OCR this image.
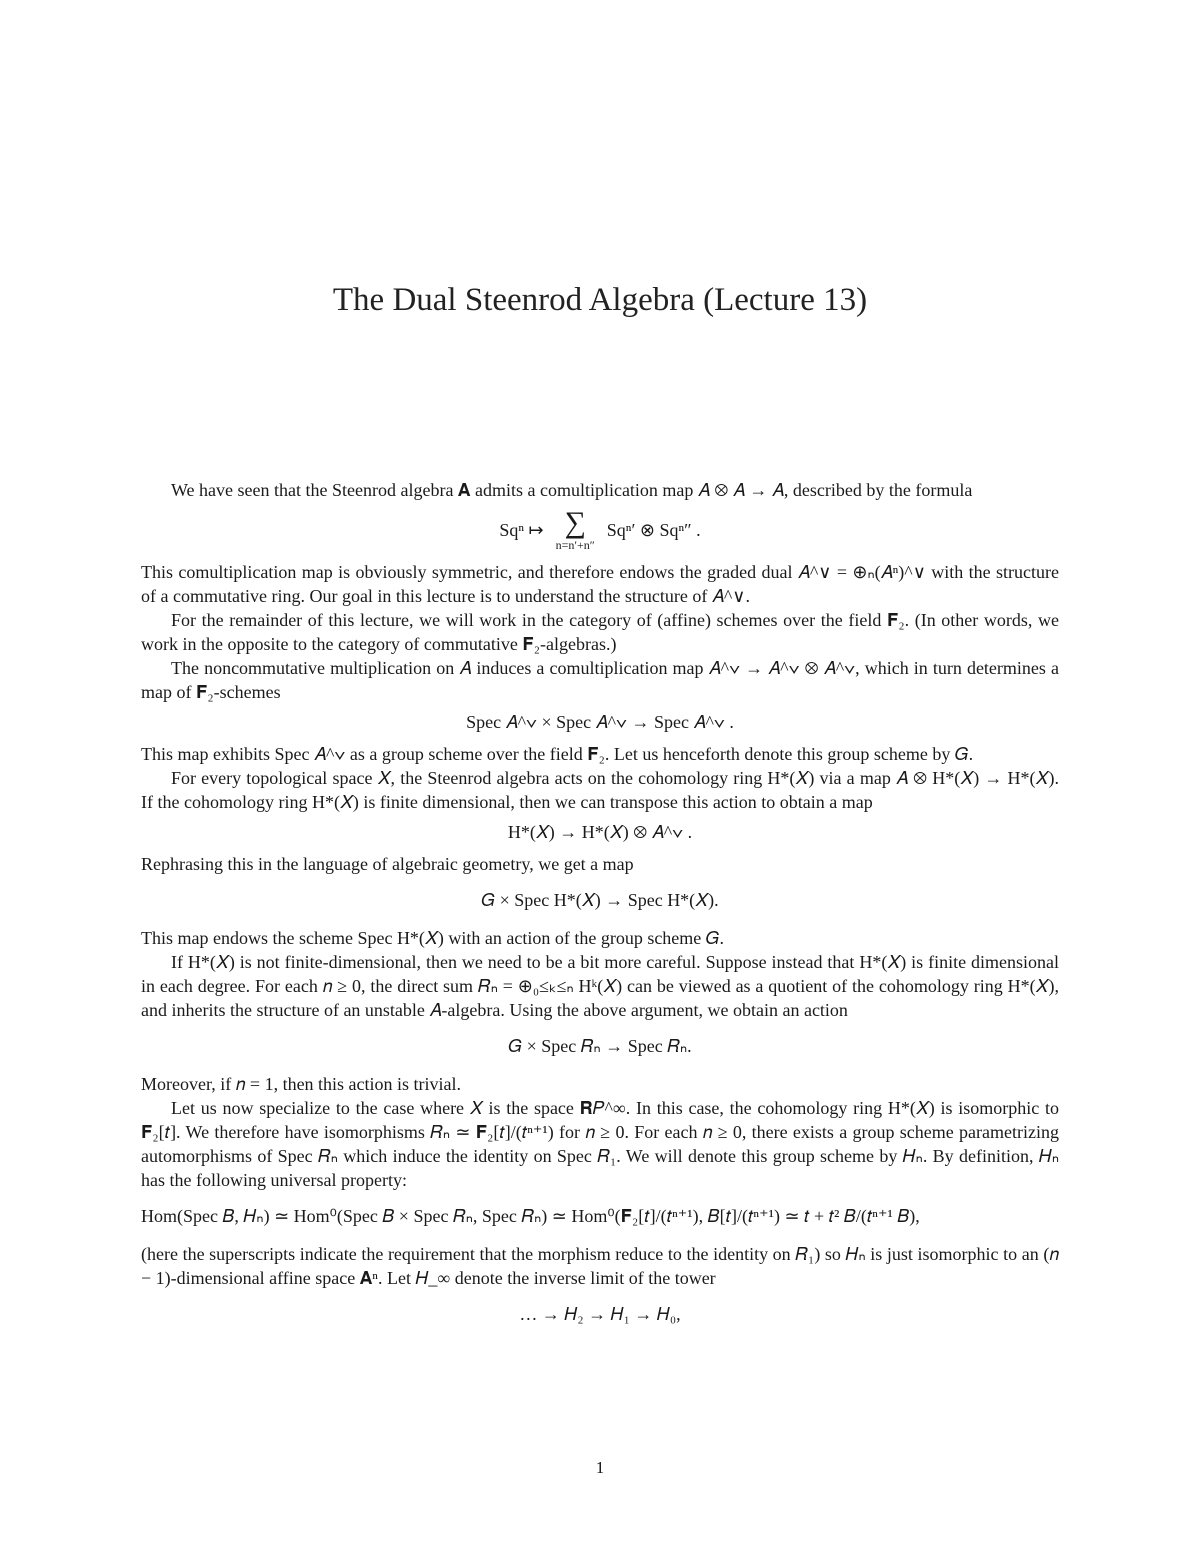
The Dual Steenrod Algebra (Lecture 13)

We have seen that the Steenrod algebra 𝐀 admits a comultiplication map 𝐴 ⊗ 𝐴 → 𝐴, described by the formula

Sqⁿ ↦ ∑
n=n′+n″
Sqⁿ′ ⊗ Sqⁿ″ .

This comultiplication map is obviously symmetric, and therefore endows the graded dual 𝐴^∨ = ⊕ₙ(𝐴ⁿ)^∨ with the structure of a commutative ring. Our goal in this lecture is to understand the structure of 𝐴^∨.

For the remainder of this lecture, we will work in the category of (affine) schemes over the field 𝐅₂. (In other words, we work in the opposite to the category of commutative 𝐅₂-algebras.)

The noncommutative multiplication on 𝐴 induces a comultiplication map 𝐴^∨ → 𝐴^∨ ⊗ 𝐴^∨, which in turn determines a map of 𝐅₂-schemes

Spec 𝐴^∨ × Spec 𝐴^∨ → Spec 𝐴^∨ .

This map exhibits Spec 𝐴^∨ as a group scheme over the field 𝐅₂. Let us henceforth denote this group scheme by 𝐺.

For every topological space 𝑋, the Steenrod algebra acts on the cohomology ring H*(𝑋) via a map 𝐴 ⊗ H*(𝑋) → H*(𝑋). If the cohomology ring H*(𝑋) is finite dimensional, then we can transpose this action to obtain a map

H*(𝑋) → H*(𝑋) ⊗ 𝐴^∨ .

Rephrasing this in the language of algebraic geometry, we get a map

𝐺 × Spec H*(𝑋) → Spec H*(𝑋).

This map endows the scheme Spec H*(𝑋) with an action of the group scheme 𝐺.

If H*(𝑋) is not finite-dimensional, then we need to be a bit more careful. Suppose instead that H*(𝑋) is finite dimensional in each degree. For each 𝑛 ≥ 0, the direct sum 𝑅ₙ = ⊕₀≤ₖ≤ₙ Hᵏ(𝑋) can be viewed as a quotient of the cohomology ring H*(𝑋), and inherits the structure of an unstable 𝐴-algebra. Using the above argument, we obtain an action

𝐺 × Spec 𝑅ₙ → Spec 𝑅ₙ.

Moreover, if 𝑛 = 1, then this action is trivial.

Let us now specialize to the case where 𝑋 is the space 𝐑𝑃^∞. In this case, the cohomology ring H*(𝑋) is isomorphic to 𝐅₂[𝑡]. We therefore have isomorphisms 𝑅ₙ ≃ 𝐅₂[𝑡]/(𝑡ⁿ⁺¹) for 𝑛 ≥ 0. For each 𝑛 ≥ 0, there exists a group scheme parametrizing automorphisms of Spec 𝑅ₙ which induce the identity on Spec 𝑅₁. We will denote this group scheme by 𝐻ₙ. By definition, 𝐻ₙ has the following universal property:

Hom(Spec 𝐵, 𝐻ₙ) ≃ Hom⁰(Spec 𝐵 × Spec 𝑅ₙ, Spec 𝑅ₙ) ≃ Hom⁰(𝐅₂[𝑡]/(𝑡ⁿ⁺¹), 𝐵[𝑡]/(𝑡ⁿ⁺¹) ≃ 𝑡 + 𝑡² 𝐵/(𝑡ⁿ⁺¹ 𝐵),

(here the superscripts indicate the requirement that the morphism reduce to the identity on 𝑅₁) so 𝐻ₙ is just isomorphic to an (𝑛 − 1)-dimensional affine space 𝐀ⁿ. Let 𝐻_∞ denote the inverse limit of the tower

… → 𝐻₂ → 𝐻₁ → 𝐻₀,
1
